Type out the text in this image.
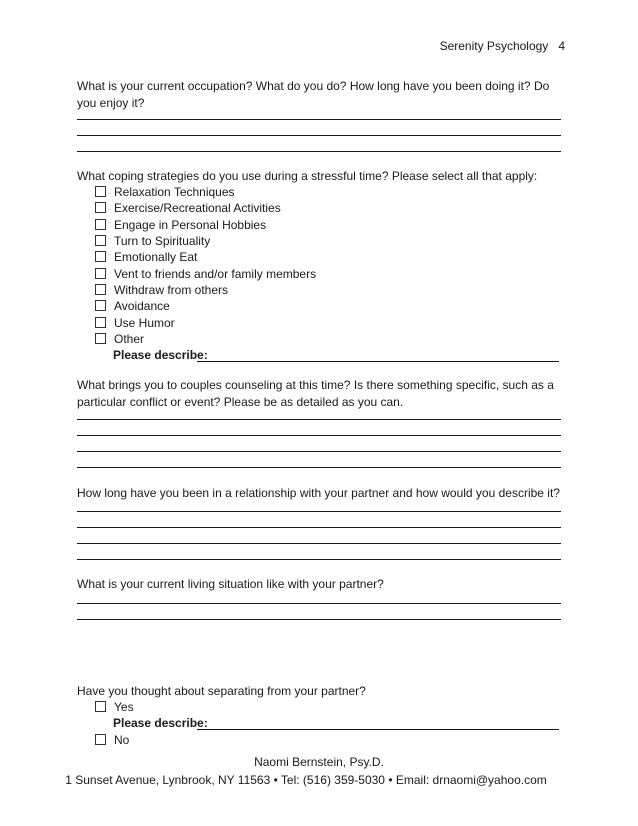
Serenity Psychology 4
What is your current occupation? What do you do? How long have you been doing it? Do you enjoy it?
What coping strategies do you use during a stressful time? Please select all that apply:
Relaxation Techniques
Exercise/Recreational Activities
Engage in Personal Hobbies
Turn to Spirituality
Emotionally Eat
Vent to friends and/or family members
Withdraw from others
Avoidance
Use Humor
Other
Please describe:
What brings you to couples counseling at this time? Is there something specific, such as a particular conflict or event? Please be as detailed as you can.
How long have you been in a relationship with your partner and how would you describe it?
What is your current living situation like with your partner?
Have you thought about separating from your partner?
Yes
Please describe:
No
Naomi Bernstein, Psy.D.
1 Sunset Avenue, Lynbrook, NY 11563 • Tel: (516) 359-5030 • Email: drnaomi@yahoo.com
